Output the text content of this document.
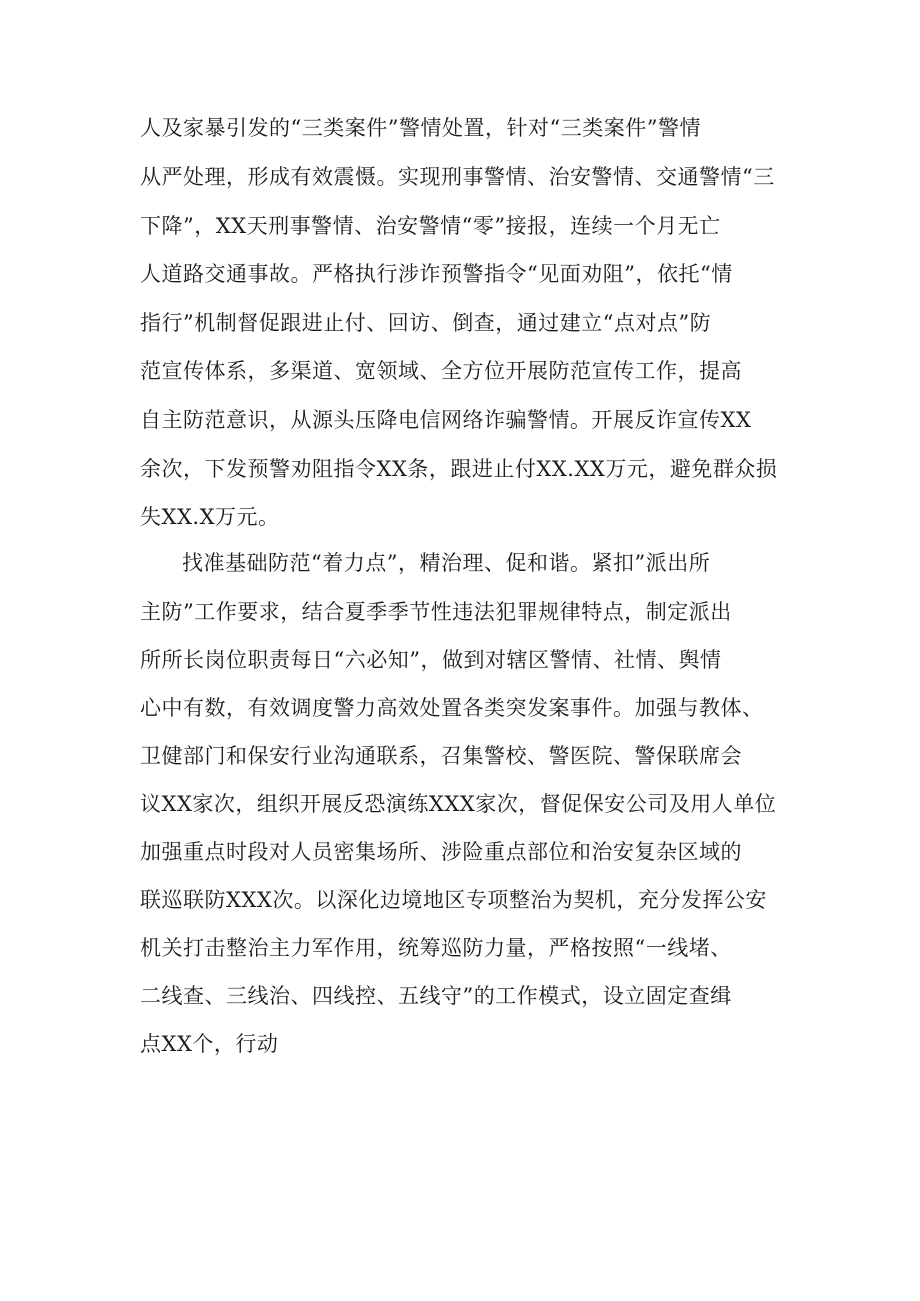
人及家暴引发的“三类案件”警情处置，针对“三类案件”警情
从严处理，形成有效震慑。实现刑事警情、治安警情、交通警情“三
下降”，XX天刑事警情、治安警情“零”接报，连续一个月无亡
人道路交通事故。严格执行涉诈预警指令“见面劝阻”，依托“情
指行”机制督促跟进止付、回访、倒查，通过建立“点对点”防
范宣传体系，多渠道、宽领域、全方位开展防范宣传工作，提高
自主防范意识，从源头压降电信网络诈骗警情。开展反诈宣传XX
余次，下发预警劝阻指令XX条，跟进止付XX.XX万元，避免群众损
失XX.X万元。
找准基础防范“着力点”，精治理、促和谐。紧扣”派出所
主防”工作要求，结合夏季季节性违法犯罪规律特点，制定派出
所所长岗位职责每日“六必知”，做到对辖区警情、社情、舆情
心中有数，有效调度警力高效处置各类突发案事件。加强与教体、
卫健部门和保安行业沟通联系，召集警校、警医院、警保联席会
议XX家次，组织开展反恐演练XXX家次，督促保安公司及用人单位
加强重点时段对人员密集场所、涉险重点部位和治安复杂区域的
联巡联防XXX次。以深化边境地区专项整治为契机，充分发挥公安
机关打击整治主力军作用，统筹巡防力量，严格按照“一线堵、
二线查、三线治、四线控、五线守”的工作模式，设立固定查缉
点XX个，行动
